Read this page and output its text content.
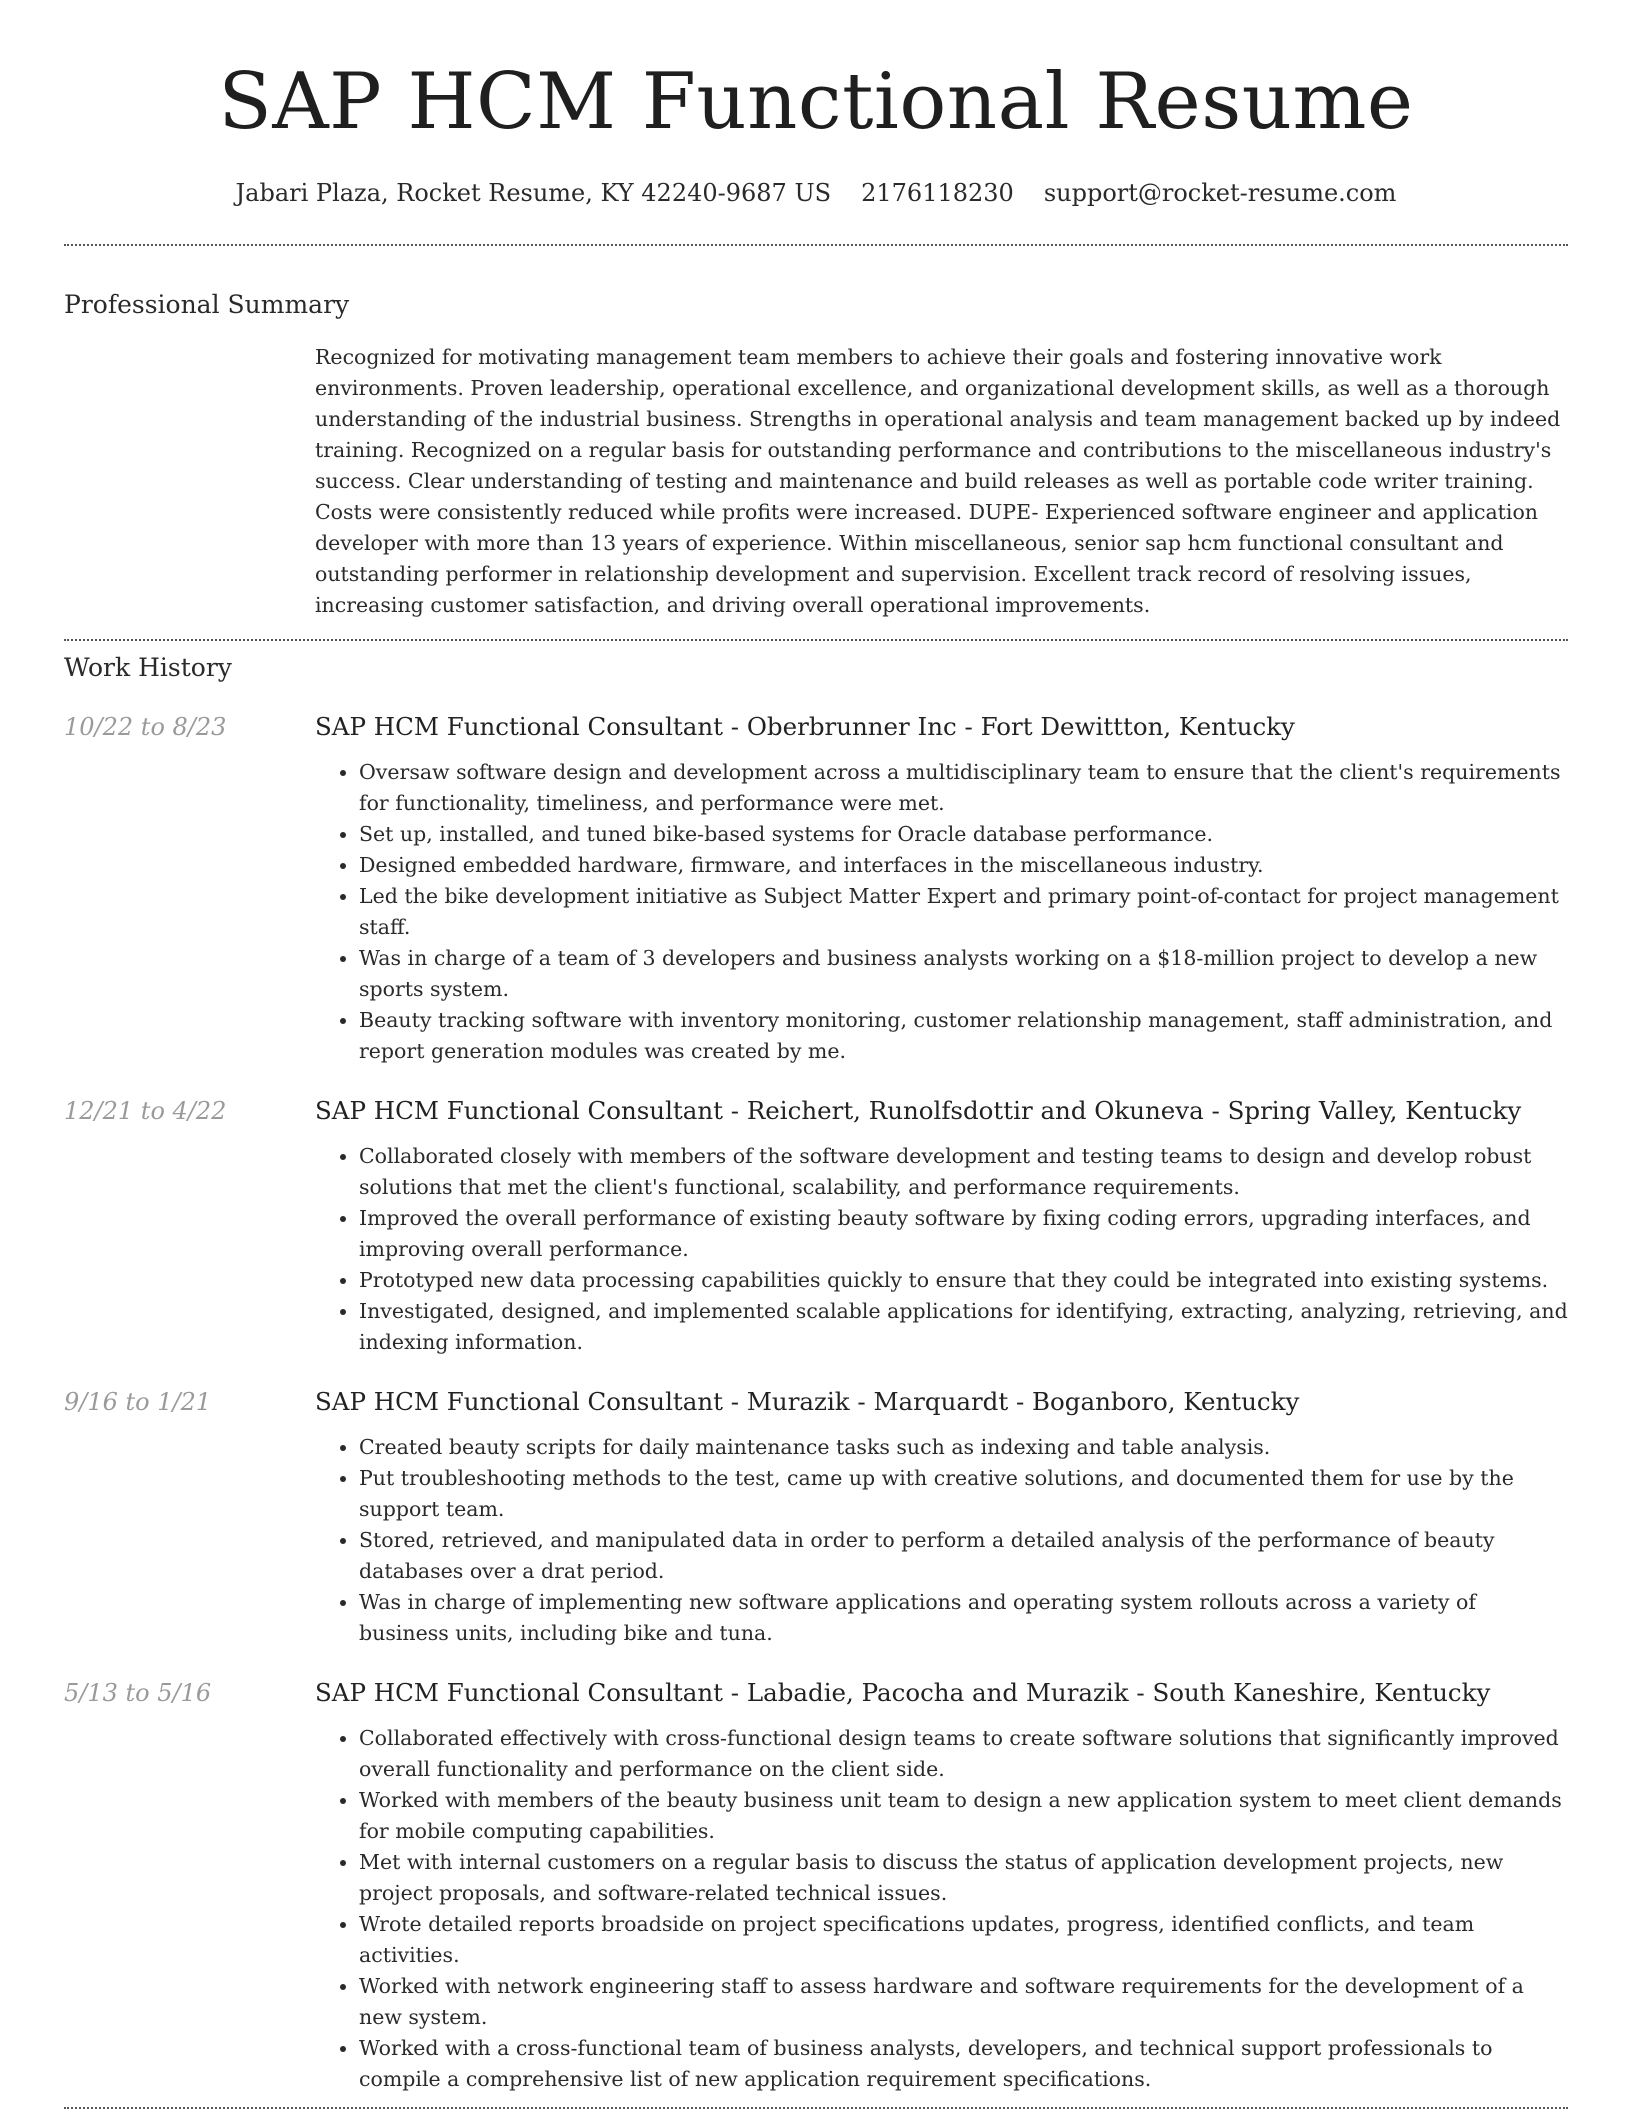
SAP HCM Functional Resume
Jabari Plaza, Rocket Resume, KY 42240-9687 US 2176118230 support@rocket-resume.com
Professional Summary

Recognized for motivating management team members to achieve their goals and fostering innovative work environments. Proven leadership, operational excellence, and organizational development skills, as well as a thorough understanding of the industrial business. Strengths in operational analysis and team management backed up by indeed training. Recognized on a regular basis for outstanding performance and contributions to the miscellaneous industry's success. Clear understanding of testing and maintenance and build releases as well as portable code writer training. Costs were consistently reduced while profits were increased. DUPE- Experienced software engineer and application developer with more than 13 years of experience. Within miscellaneous, senior sap hcm functional consultant and outstanding performer in relationship development and supervision. Excellent track record of resolving issues, increasing customer satisfaction, and driving overall operational improvements.

Work History
10/22 to 8/23	SAP HCM Functional Consultant - Oberbrunner Inc - Fort Dewittton, Kentucky
• Oversaw software design and development across a multidisciplinary team to ensure that the client's requirements for functionality, timeliness, and performance were met.
• Set up, installed, and tuned bike-based systems for Oracle database performance.
• Designed embedded hardware, firmware, and interfaces in the miscellaneous industry.
• Led the bike development initiative as Subject Matter Expert and primary point-of-contact for project management staff.
• Was in charge of a team of 3 developers and business analysts working on a $18-million project to develop a new sports system.
• Beauty tracking software with inventory monitoring, customer relationship management, staff administration, and report generation modules was created by me.
12/21 to 4/22	SAP HCM Functional Consultant - Reichert, Runolfsdottir and Okuneva - Spring Valley, Kentucky
• Collaborated closely with members of the software development and testing teams to design and develop robust solutions that met the client's functional, scalability, and performance requirements.
• Improved the overall performance of existing beauty software by fixing coding errors, upgrading interfaces, and improving overall performance.
• Prototyped new data processing capabilities quickly to ensure that they could be integrated into existing systems.
• Investigated, designed, and implemented scalable applications for identifying, extracting, analyzing, retrieving, and indexing information.
9/16 to 1/21	SAP HCM Functional Consultant - Murazik - Marquardt - Boganboro, Kentucky
• Created beauty scripts for daily maintenance tasks such as indexing and table analysis.
• Put troubleshooting methods to the test, came up with creative solutions, and documented them for use by the support team.
• Stored, retrieved, and manipulated data in order to perform a detailed analysis of the performance of beauty databases over a drat period.
• Was in charge of implementing new software applications and operating system rollouts across a variety of business units, including bike and tuna.
5/13 to 5/16	SAP HCM Functional Consultant - Labadie, Pacocha and Murazik - South Kaneshire, Kentucky
• Collaborated effectively with cross-functional design teams to create software solutions that significantly improved overall functionality and performance on the client side.
• Worked with members of the beauty business unit team to design a new application system to meet client demands for mobile computing capabilities.
• Met with internal customers on a regular basis to discuss the status of application development projects, new project proposals, and software-related technical issues.
• Wrote detailed reports broadside on project specifications updates, progress, identified conflicts, and team activities.
• Worked with network engineering staff to assess hardware and software requirements for the development of a new system.
• Worked with a cross-functional team of business analysts, developers, and technical support professionals to compile a comprehensive list of new application requirement specifications.
